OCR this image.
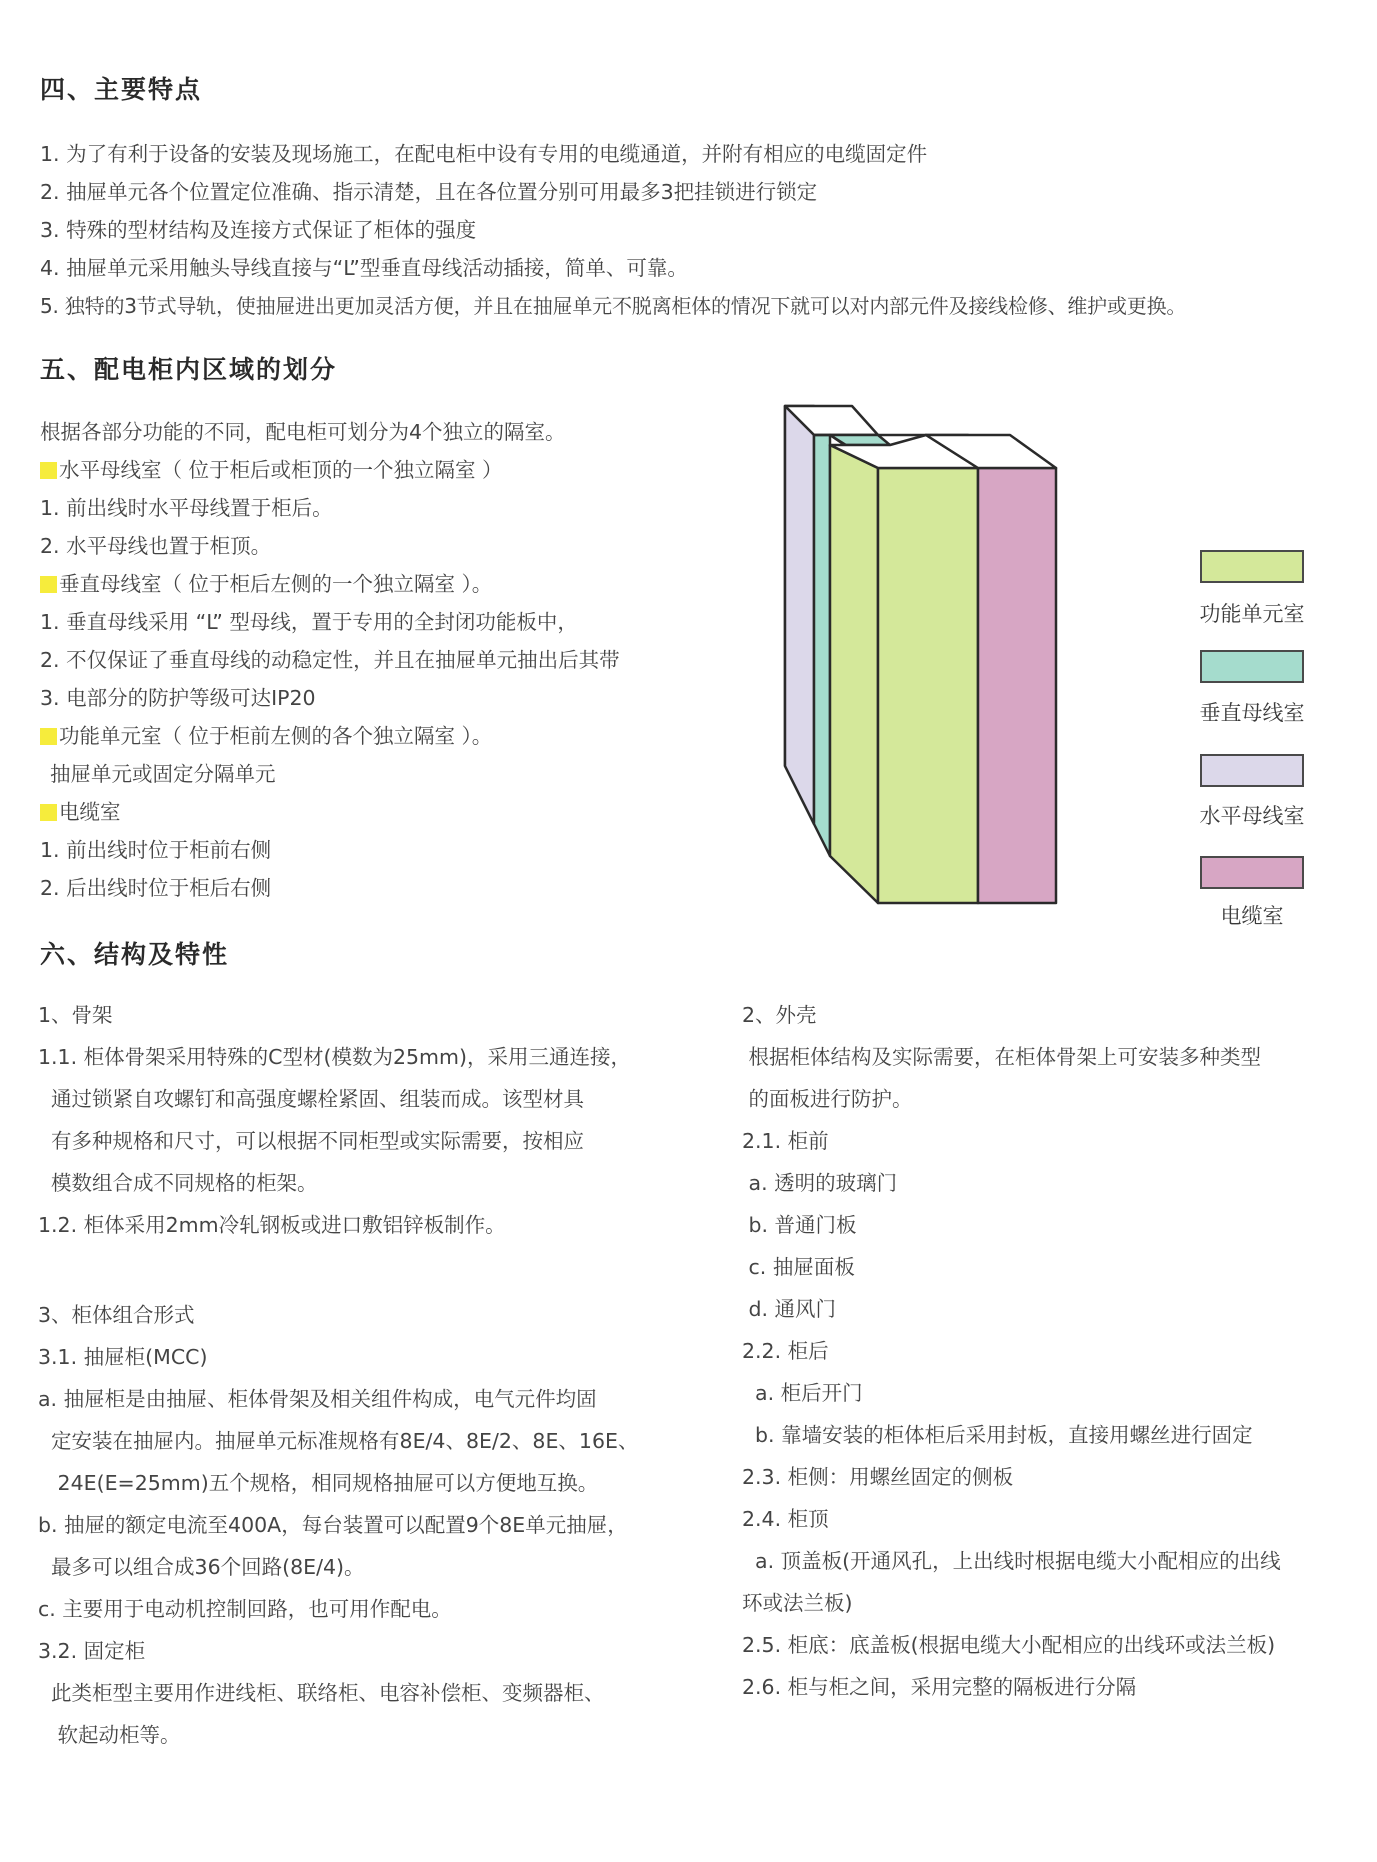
四、主要特点
1. 为了有利于设备的安装及现场施工，在配电柜中设有专用的电缆通道，并附有相应的电缆固定件
2. 抽屉单元各个位置定位准确、指示清楚，且在各位置分别可用最多3把挂锁进行锁定
3. 特殊的型材结构及连接方式保证了柜体的强度
4. 抽屉单元采用触头导线直接与“L”型垂直母线活动插接，简单、可靠。
5. 独特的3节式导轨，使抽屉进出更加灵活方便，并且在抽屉单元不脱离柜体的情况下就可以对内部元件及接线检修、维护或更换。
五、配电柜内区域的划分
根据各部分功能的不同，配电柜可划分为4个独立的隔室。
水平母线室（ 位于柜后或柜顶的一个独立隔室 ）
1. 前出线时水平母线置于柜后。
2. 水平母线也置于柜顶。
垂直母线室（ 位于柜后左侧的一个独立隔室 ）。
1. 垂直母线采用 “L” 型母线，置于专用的全封闭功能板中，
2. 不仅保证了垂直母线的动稳定性，并且在抽屉单元抽出后其带
3. 电部分的防护等级可达IP20
功能单元室（ 位于柜前左侧的各个独立隔室 ）。
抽屉单元或固定分隔单元
电缆室
1. 前出线时位于柜前右侧
2. 后出线时位于柜后右侧
功能单元室
垂直母线室
水平母线室
电缆室
六、结构及特性
1、骨架
1.1. 柜体骨架采用特殊的C型材(模数为25mm)，采用三通连接，
通过锁紧自攻螺钉和高强度螺栓紧固、组装而成。该型材具
有多种规格和尺寸，可以根据不同柜型或实际需要，按相应
模数组合成不同规格的柜架。
1.2. 柜体采用2mm冷轧钢板或进口敷铝锌板制作。
3、柜体组合形式
3.1. 抽屉柜(MCC)
a. 抽屉柜是由抽屉、柜体骨架及相关组件构成，电气元件均固
定安装在抽屉内。抽屉单元标准规格有8E/4、8E/2、8E、16E、
24E(E=25mm)五个规格，相同规格抽屉可以方便地互换。
b. 抽屉的额定电流至400A，每台装置可以配置9个8E单元抽屉，
最多可以组合成36个回路(8E/4)。
c. 主要用于电动机控制回路，也可用作配电。
3.2. 固定柜
此类柜型主要用作进线柜、联络柜、电容补偿柜、变频器柜、
软起动柜等。
2、外壳
根据柜体结构及实际需要，在柜体骨架上可安装多种类型
的面板进行防护。
2.1. 柜前
a. 透明的玻璃门
b. 普通门板
c. 抽屉面板
d. 通风门
2.2. 柜后
a. 柜后开门
b. 靠墙安装的柜体柜后采用封板，直接用螺丝进行固定
2.3. 柜侧：用螺丝固定的侧板
2.4. 柜顶
a. 顶盖板(开通风孔，上出线时根据电缆大小配相应的出线
环或法兰板)
2.5. 柜底：底盖板(根据电缆大小配相应的出线环或法兰板)
2.6. 柜与柜之间，采用完整的隔板进行分隔
